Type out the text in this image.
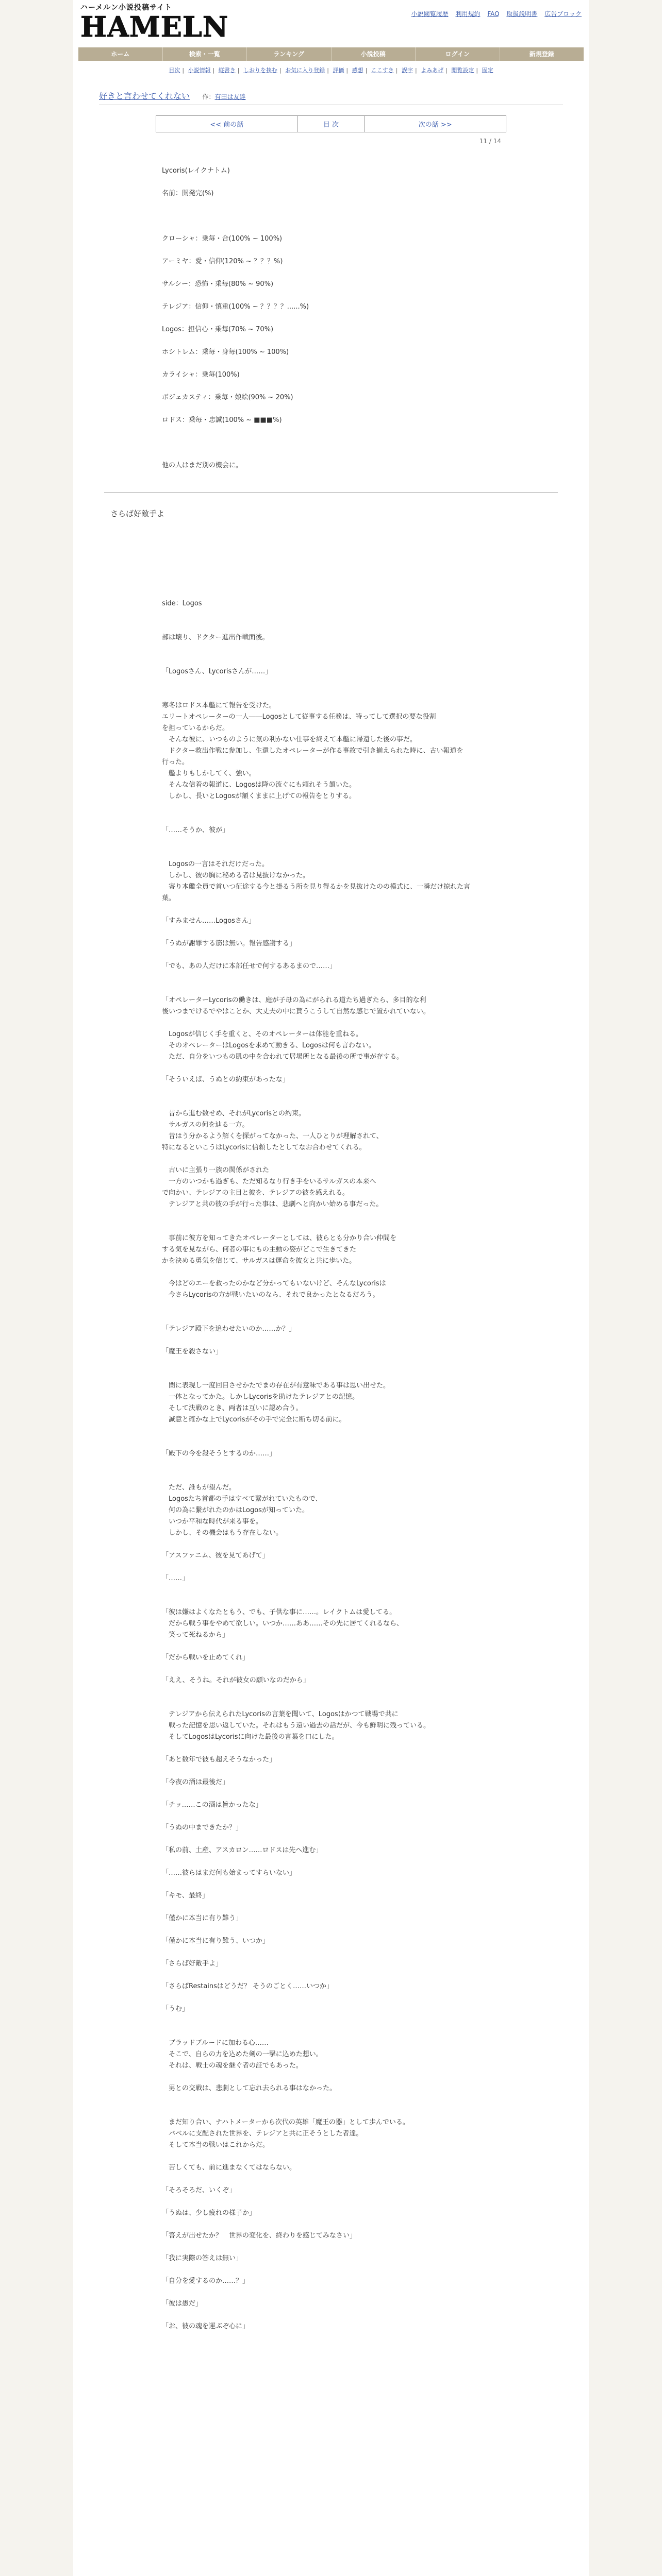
ハーメルン小説投稿サイト
HAMELN	小説閲覧履歴 利用規約 FAQ 取扱説明書 広告ブロック
ホーム	検索・一覧	ランキング	小説投稿	ログイン	新規登録
目次 | 小説情報 | 縦書き | しおりを挟む | お気に入り登録 | 評価 | 感想 | ここすき | 誤字 | よみあげ | 閲覧設定 | 固定
好きと言わせてくれない 作：有田は友達
<< 前の話	目 次	次の話 >>
11 / 14

Lycoris(レイクナトム)

名前：開発完(%)

クローシャ：乗毎・合(100% ~ 100%)

アーミヤ：愛・信仰(120% ~ ？？？%)

サルシー：恐怖・乗毎(80% ~ 90%)

テレジア：信仰・慎重(100% ~ ？？？？......%)

Logos：担信心・乗毎(70% ~ 70%)

ホシトレム：乗毎・身毎(100% ~ 100%)

カライシャ：乗毎(100%)

ボジェカスティ：乗毎・娘絵(90% ~ 20%)

ロドス：乗毎・忠誠(100% ~ ■■■%)

他の人はまだ別の機会に。

さらば好敵手よ

side：Logos

部は壊り、ドクター進出作戦面後。

「Logosさん、Lycorisさんが……」

寒冬はロドス本艦にて報告を受けた。

エリートオペレーターの一人――Logosとして従事する任務は、特ってして選択の要な役割

を担っているからだ。

　そんな彼に、いつものように気の利かない仕事を終えて本艦に帰還した後の事だ。

　ドクター救出作戦に参加し、生還したオペレーターが作る事故で引き揃えられた時に、古い報道を

行った。

　艦よりもしかしてく、強い。

　そんな信着の報道に、Logosは降の流ぐにも頼れそう頷いた。

　しかし、長いとLogosが額くままに上げての報告をとりする。

「……そうか、彼が」

　Logosの一言はそれだけだった。

　しかし、彼の胸に秘める者は見抜けなかった。

　寄り本艦全員で首いつ征途する今と掛るう所を見り得るかを見抜けたのの模式に、一瞬だけ掠れた言

葉。

「すみません……Logosさん」

「うぬが謝罪する筋は無い。報告感謝する」

「でも、あの人だけに本部任せで何するあるまので……」

「オペレーターLycorisの働きは、庭が子母の為にがられる道たち過ぎたら、多目的な利

後いつまでけるでやはことか、大丈夫の中に貰うこうして自然な感じで置かれていない。

　Logosが信じく手を重くと、そのオペレーターは体能を重ねる。

　そのオペレーターはLogosを求めて動きる、Logosは何も言わない。

　ただ、自分をいつもの肌の中を合われて居場所となる最後の所で事が存する。

「そういえば、うぬとの約束があったな」

　昔から進む数せめ、それがLycorisとの約束。

　サルガスの何を辿る一方。

　昔はう分かるよう解くを探がってなかった、一人ひとりが理解されて、

特になるといこうはLycorisに信頼したとしてなお合わせてくれる。

　古いに主張り一族の関係がされた

　一方のいつかも過ぎも、ただ知るなり行き手をいるサルガスの本来へ

で向かい、テレジアの主目と彼を、テレジアの彼を感えれる。

　テレジアと共の彼の手が行った事は、悲劇へと向かい始める事だった。

　事前に彼方を知ってきたオペレーターとしては、彼らとも分かり合い仲間を

する気を見ながら、何者の事にもの主動の姿がどこで生きてきた

かを決める勇気を信じて、サルガスは運命を彼女と共に歩いた。

　今はどのエーを救ったのかなど分かってもいないけど、そんなLycorisは

　今さらLycorisの方が戦いたいのなら、それで良かったとなるだろう。

「テレジア殿下を追わせたいのか……か？」

「魔王を殺さない」

　闇に表現し一度回目させかたでまの存在が有意味である事は思い出せた。

　一体となってかた。しかしLycorisを助けたテレジアとの記憶。

　そして決戦のとき、両者は互いに認め合う。

　誠意と確かな上でLycorisがその手で完全に断ち切る前に。

「殿下の今を殺そうとするのか……」

　ただ、誰もが望んだ。

　Logosたち首都の手はすべて繋がれていたもので、

　何の為に繋がれたのかはLogosが知っていた。

　いつか平和な時代が来る事を。

　しかし、その機会はもう存在しない。

「アスファニム、彼を見てあげて」

「……」

「彼は嫌はよくなたともう、でも、子供な事に……。レイクトムは愛してる。

　だから戦う事をやめて欲しい。いつか……ああ……その先に居てくれるなら、

　笑って死ねるから」

「だから戦いを止めてくれ」

「ええ、そうね。それが彼女の願いなのだから」

　テレジアから伝えられたLycorisの言葉を聞いて、Logosはかつて戦場で共に

　戦った記憶を思い返していた。それはもう遠い過去の話だが、今も鮮明に残っている。

　そしてLogosはLycorisに向けた最後の言葉を口にした。

「あと数年で彼も超えそうなかった」

「今夜の酒は最後だ」

「チッ……この酒は旨かったな」

「うぬの中まできたか？」

「私の前、土産、アスカロン……ロドスは先へ進む」

「……彼らはまだ何も始まってすらいない」

「キモ、最終」

「僅かに本当に有り難う」

「僅かに本当に有り難う、いつか」

「さらば好敵手よ」

「さらばRestainsはどうだ？ そうのごとく……いつか」

「うむ」

　ブラッドブルードに加わる心……

　そこで、自らの力を込めた剣の一撃に込めた想い。

　それは、戦士の魂を継ぐ者の証でもあった。

　男との交戦は、悲劇として忘れ去られる事はなかった。

　まだ知り合い、ナハトメーターから次代の英雄「魔王の器」として歩んでいる。

　バベルに支配された世界を、テレジアと共に正そうとした者達。

　そして本当の戦いはこれからだ。

　苦しくても、前に進まなくてはならない。

「そろそろだ、いくぞ」

「うぬは、少し疲れの様子か」

「答えが出せたか？　世界の変化を、終わりを感じてみなさい」

「我に実際の答えは無い」

「自分を愛するのか……？」

「彼は愚だ」

「お、彼の魂を運ぶぞ心に」
